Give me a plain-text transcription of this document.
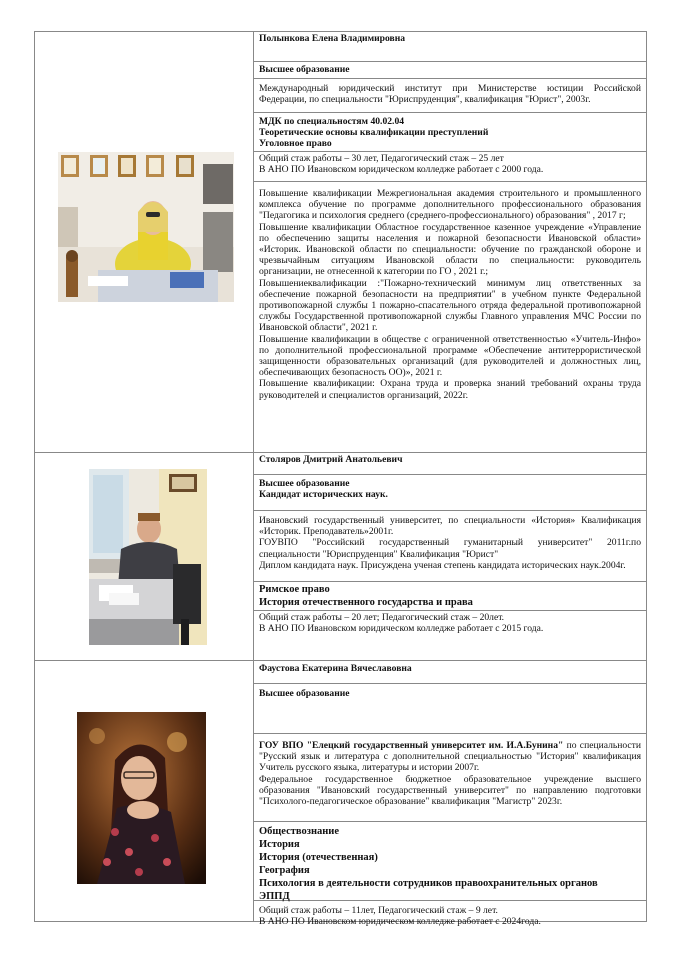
Полынкова Елена Владимировна
Высшее образование
Международный юридический институт при Министерстве юстиции Российской Федерации, по специальности "Юриспруденция", квалификация "Юрист", 2003г.
МДК по специальностям 40.02.04
Теоретические основы квалификации преступлений
Уголовное право
Общий стаж работы – 30 лет, Педагогический стаж – 25 лет
В АНО ПО Ивановском юридическом колледже работает с 2000 года.
Повышение квалификации Межрегиональная академия строительного и промышленного комплекса обучение по программе дополнительного профессионального образования "Педагогика и психология среднего (среднего-профессионального) образования" , 2017 г;
Повышение квалификации Областное государственное казенное учреждение «Управление по обеспечению защиты населения и пожарной безопасности Ивановской области» «Историк. Ивановской области по специальности: обучение по гражданской обороне и чрезвычайным ситуациям Ивановской области по специальности: руководитель организации, не отнесенной к категории по ГО , 2021 г.;
Повышениеквалификации :"Пожарно-технический минимум лиц ответственных за обеспечение пожарной безопасности на предприятии" в учебном пункте Федеральной противопожарной службы 1 пожарно-спасательного отряда федеральной противопожарной службы Государственной противопожарной службы Главного управления МЧС России по Ивановской области", 2021 г.
Повышение квалификации в обществе с ограниченной ответственностью «Учитель-Инфо» по дополнительной профессиональной программе «Обеспечение антитеррористической защищенности образовательных организаций (для руководителей и должностных лиц, обеспечивающих безопасность ОО)», 2021 г.
Повышение квалификации: Охрана труда и проверка знаний требований охраны труда руководителей и специалистов организаций, 2022г.
Столяров Дмитрий Анатольевич
Высшее образование
Кандидат исторических наук.
Ивановский государственный университет, по специальности «История» Квалификация «Историк. Преподаватель»2001г.
ГОУВПО "Российский государственный гуманитарный университет" 2011г.по специальности "Юриспруденция" Квалификация "Юрист"
Диплом кандидата наук. Присуждена ученая степень кандидата исторических наук.2004г.
Римское право
История отечественного государства и права
Общий стаж работы – 20 лет; Педагогический стаж – 20лет.
В АНО ПО Ивановском юридическом колледже работает с 2015 года.
Фаустова Екатерина Вячеславовна
Высшее образование
ГОУ ВПО "Елецкий государственный университет им. И.А.Бунина" по специальности "Русский язык и литература с дополнительной специальностью "История" квалификация Учитель русского языка, литературы и истории 2007г.
Федеральное государственное бюджетное образовательное учреждение высшего образования "Ивановский государственный университет" по направлению подготовки "Психолого-педагогическое образование" квалификация "Магистр" 2023г.
Обществознание
История
История (отечественная)
География
Психология в деятельности сотрудников правоохранительных органов
ЭППД
Общий стаж работы – 11лет, Педагогический стаж – 9 лет.
В АНО ПО Ивановском юридическом колледже работает с 2024года.
